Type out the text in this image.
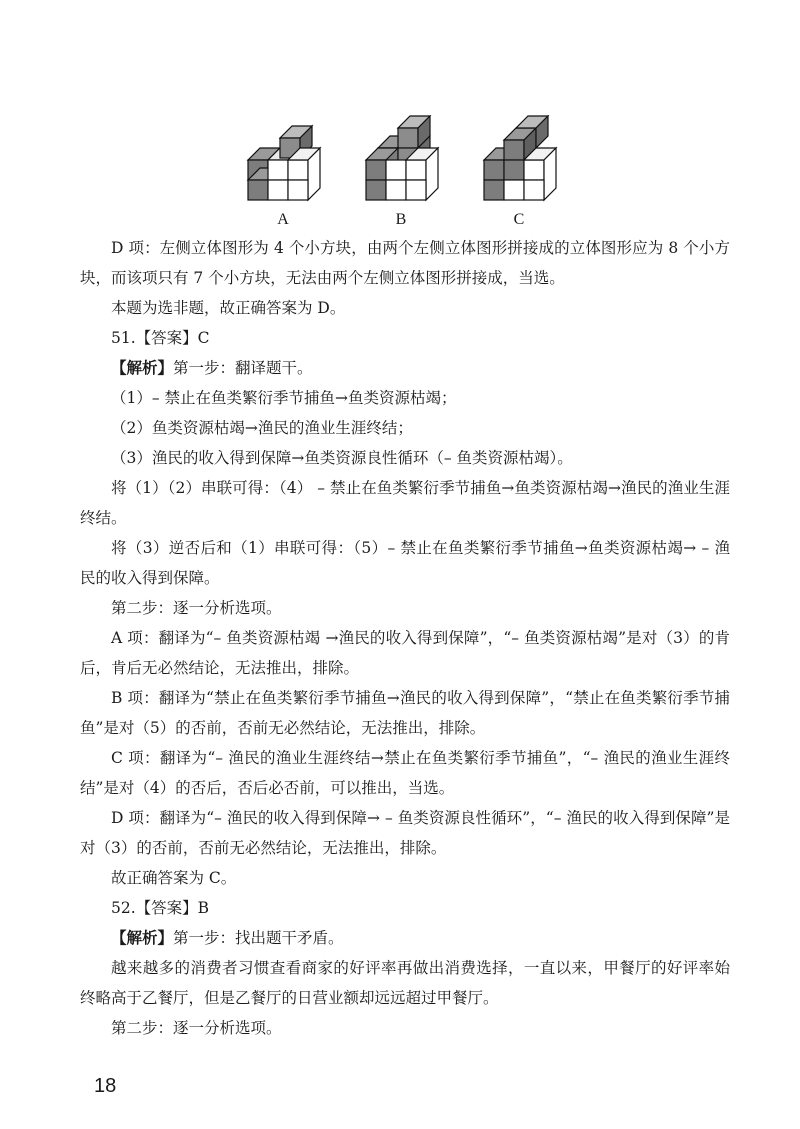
A	B	C

D 项：左侧立体图形为 4 个小方块，由两个左侧立体图形拼接成的立体图形应为 8 个小方块，而该项只有 7 个小方块，无法由两个左侧立体图形拼接成，当选。

本题为选非题，故正确答案为 D。

51.【答案】C

【解析】第一步：翻译题干。

（1）– 禁止在鱼类繁衍季节捕鱼→鱼类资源枯竭；

（2）鱼类资源枯竭→渔民的渔业生涯终结；

（3）渔民的收入得到保障→鱼类资源良性循环（– 鱼类资源枯竭）。

将（1）（2）串联可得：（4） – 禁止在鱼类繁衍季节捕鱼→鱼类资源枯竭→渔民的渔业生涯终结。

将（3）逆否后和（1）串联可得：（5）– 禁止在鱼类繁衍季节捕鱼→鱼类资源枯竭→ – 渔民的收入得到保障。

第二步：逐一分析选项。

A 项：翻译为“– 鱼类资源枯竭 →渔民的收入得到保障”，“– 鱼类资源枯竭”是对（3）的肯后，肯后无必然结论，无法推出，排除。

B 项：翻译为“禁止在鱼类繁衍季节捕鱼→渔民的收入得到保障”，“禁止在鱼类繁衍季节捕鱼”是对（5）的否前，否前无必然结论，无法推出，排除。

C 项：翻译为“– 渔民的渔业生涯终结→禁止在鱼类繁衍季节捕鱼”，“– 渔民的渔业生涯终结”是对（4）的否后，否后必否前，可以推出，当选。

D 项：翻译为“– 渔民的收入得到保障→ – 鱼类资源良性循环”，“– 渔民的收入得到保障”是对（3）的否前，否前无必然结论，无法推出，排除。

故正确答案为 C。

52.【答案】B

【解析】第一步：找出题干矛盾。

越来越多的消费者习惯查看商家的好评率再做出消费选择，一直以来，甲餐厅的好评率始终略高于乙餐厅，但是乙餐厅的日营业额却远远超过甲餐厅。

第二步：逐一分析选项。

18
